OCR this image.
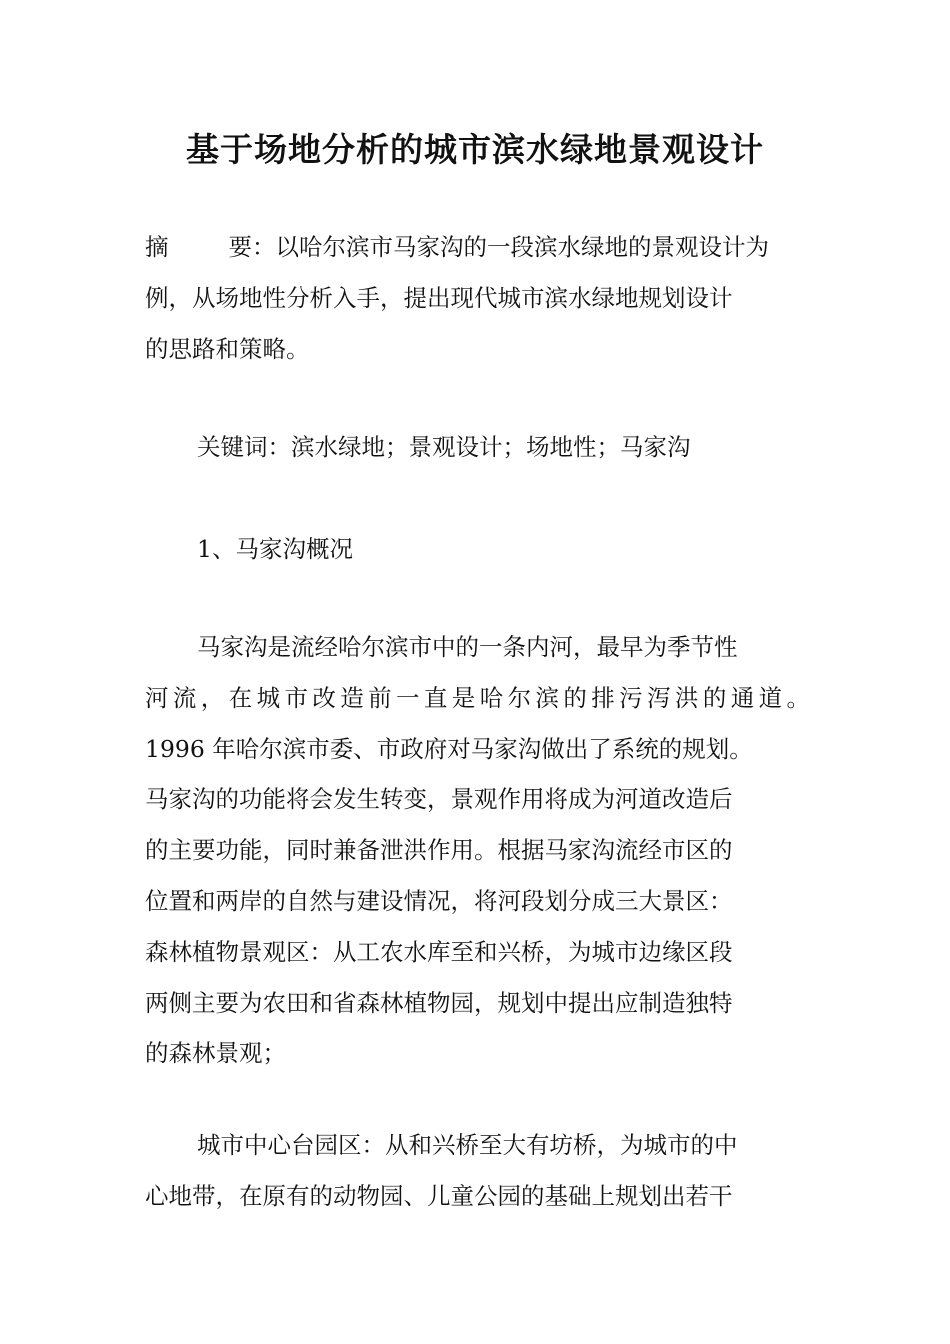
基于场地分析的城市滨水绿地景观设计
摘	要：以哈尔滨市马家沟的一段滨水绿地的景观设计为
例，从场地性分析入手，提出现代城市滨水绿地规划设计
的思路和策略。
关键词：滨水绿地；景观设计；场地性；马家沟
1、马家沟概况
马家沟是流经哈尔滨市中的一条内河，最早为季节性
河流，在城市改造前一直是哈尔滨的排污泻洪的通道。
1996 年哈尔滨市委、市政府对马家沟做出了系统的规划。
马家沟的功能将会发生转变，景观作用将成为河道改造后
的主要功能，同时兼备泄洪作用。根据马家沟流经市区的
位置和两岸的自然与建设情况，将河段划分成三大景区：
森林植物景观区：从工农水库至和兴桥，为城市边缘区段
两侧主要为农田和省森林植物园，规划中提出应制造独特
的森林景观；
城市中心台园区：从和兴桥至大有坊桥，为城市的中
心地带，在原有的动物园、儿童公园的基础上规划出若干
